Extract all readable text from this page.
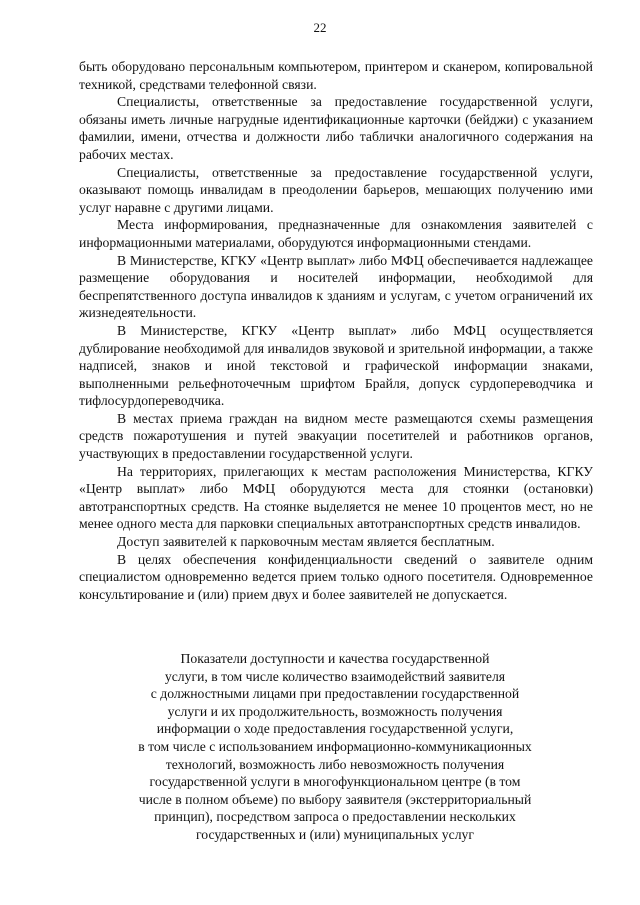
22

быть оборудовано персональным компьютером, принтером и сканером, копировальной техникой, средствами телефонной связи.

Специалисты, ответственные за предоставление государственной услуги, обязаны иметь личные нагрудные идентификационные карточки (бейджи) с указанием фамилии, имени, отчества и должности либо таблички аналогичного содержания на рабочих местах.

Специалисты, ответственные за предоставление государственной услуги, оказывают помощь инвалидам в преодолении барьеров, мешающих получению ими услуг наравне с другими лицами.

Места информирования, предназначенные для ознакомления заявителей с информационными материалами, оборудуются информационными стендами.

В Министерстве, КГКУ «Центр выплат» либо МФЦ обеспечивается надлежащее размещение оборудования и носителей информации, необходимой для беспрепятственного доступа инвалидов к зданиям и услугам, с учетом ограничений их жизнедеятельности.

В Министерстве, КГКУ «Центр выплат» либо МФЦ осуществляется дублирование необходимой для инвалидов звуковой и зрительной информации, а также надписей, знаков и иной текстовой и графической информации знаками, выполненными рельефноточечным шрифтом Брайля, допуск сурдопереводчика и тифлосурдопереводчика.

В местах приема граждан на видном месте размещаются схемы размещения средств пожаротушения и путей эвакуации посетителей и работников органов, участвующих в предоставлении государственной услуги.

На территориях, прилегающих к местам расположения Министерства, КГКУ «Центр выплат» либо МФЦ оборудуются места для стоянки (остановки) автотранспортных средств. На стоянке выделяется не менее 10 процентов мест, но не менее одного места для парковки специальных автотранспортных средств инвалидов.

Доступ заявителей к парковочным местам является бесплатным.

В целях обеспечения конфиденциальности сведений о заявителе одним специалистом одновременно ведется прием только одного посетителя. Одновременное консультирование и (или) прием двух и более заявителей не допускается.

Показатели доступности и качества государственной
услуги, в том числе количество взаимодействий заявителя
с должностными лицами при предоставлении государственной
услуги и их продолжительность, возможность получения
информации о ходе предоставления государственной услуги,
в том числе с использованием информационно-коммуникационных
технологий, возможность либо невозможность получения
государственной услуги в многофункциональном центре (в том
числе в полном объеме) по выбору заявителя (экстерриториальный
принцип), посредством запроса о предоставлении нескольких
государственных и (или) муниципальных услуг
